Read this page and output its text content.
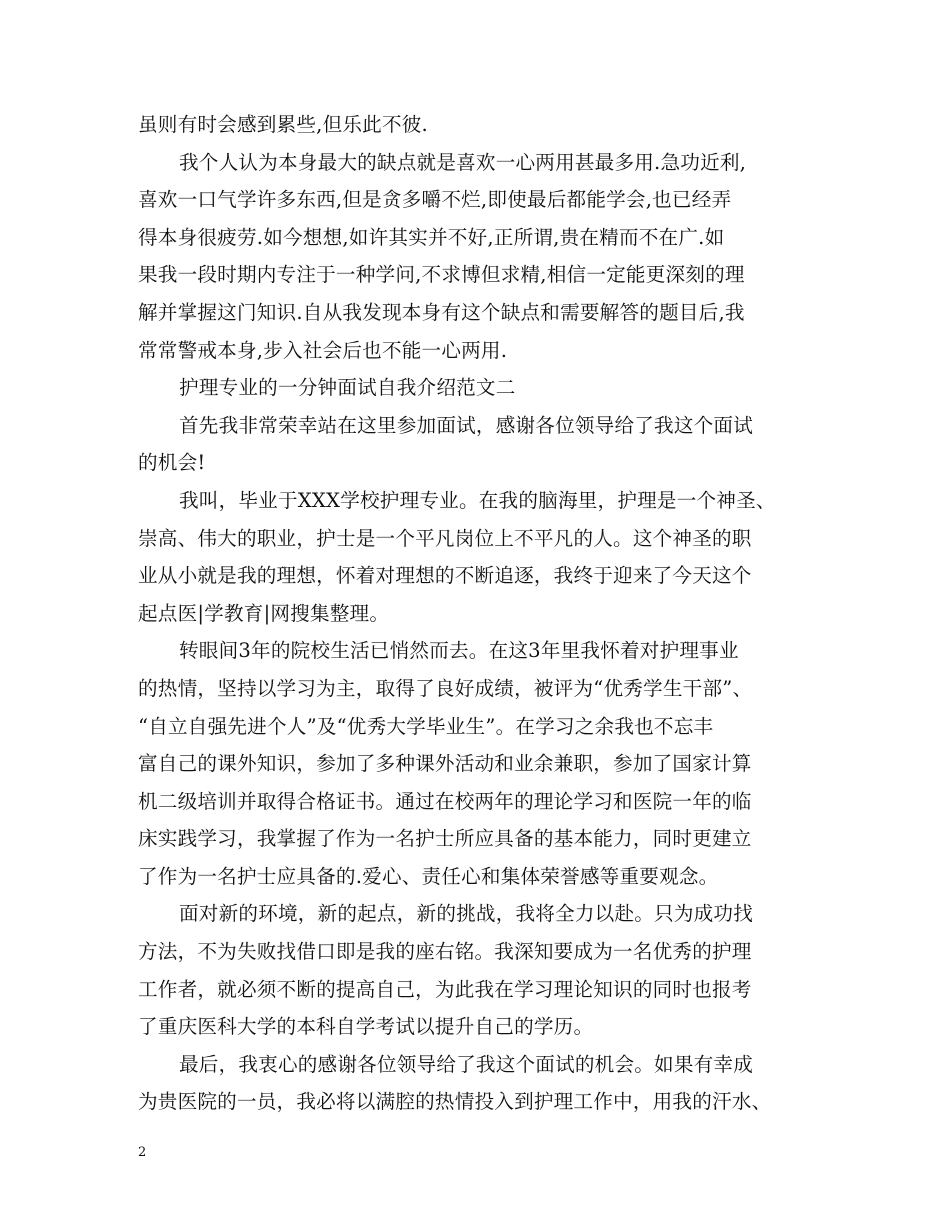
虽则有时会感到累些,但乐此不彼.
我个人认为本身最大的缺点就是喜欢一心两用甚最多用.急功近利,
喜欢一口气学许多东西,但是贪多嚼不烂,即使最后都能学会,也已经弄
得本身很疲劳.如今想想,如许其实并不好,正所谓,贵在精而不在广.如
果我一段时期内专注于一种学问,不求博但求精,相信一定能更深刻的理
解并掌握这门知识.自从我发现本身有这个缺点和需要解答的题目后,我
常常警戒本身,步入社会后也不能一心两用.
护理专业的一分钟面试自我介绍范文二
首先我非常荣幸站在这里参加面试，感谢各位领导给了我这个面试
的机会!
我叫，毕业于XXX学校护理专业。在我的脑海里，护理是一个神圣、
崇高、伟大的职业，护士是一个平凡岗位上不平凡的人。这个神圣的职
业从小就是我的理想，怀着对理想的不断追逐，我终于迎来了今天这个
起点医|学教育|网搜集整理。
转眼间3年的院校生活已悄然而去。在这3年里我怀着对护理事业
的热情，坚持以学习为主，取得了良好成绩，被评为“优秀学生干部”、
“自立自强先进个人”及“优秀大学毕业生”。在学习之余我也不忘丰
富自己的课外知识，参加了多种课外活动和业余兼职，参加了国家计算
机二级培训并取得合格证书。通过在校两年的理论学习和医院一年的临
床实践学习，我掌握了作为一名护士所应具备的基本能力，同时更建立
了作为一名护士应具备的.爱心、责任心和集体荣誉感等重要观念。
面对新的环境，新的起点，新的挑战，我将全力以赴。只为成功找
方法，不为失败找借口即是我的座右铭。我深知要成为一名优秀的护理
工作者，就必须不断的提高自己，为此我在学习理论知识的同时也报考
了重庆医科大学的本科自学考试以提升自己的学历。
最后，我衷心的感谢各位领导给了我这个面试的机会。如果有幸成
为贵医院的一员，我必将以满腔的热情投入到护理工作中，用我的汗水、
2
